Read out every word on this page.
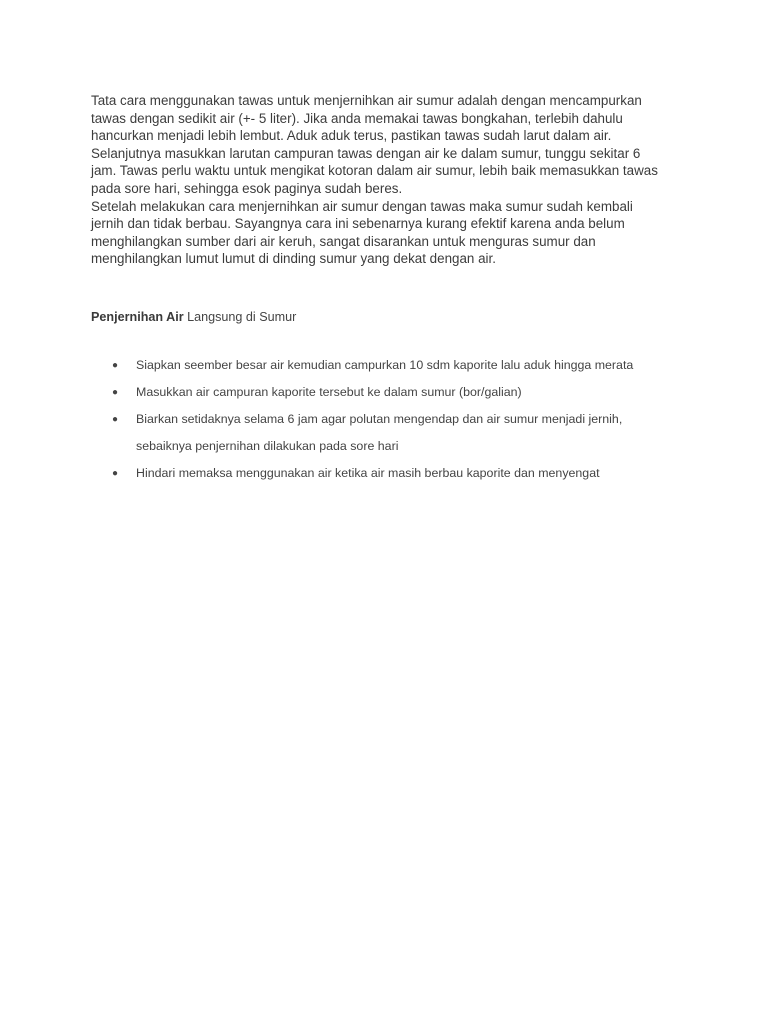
Tata cara menggunakan tawas untuk menjernihkan air sumur adalah dengan mencampurkan
tawas dengan sedikit air (+- 5 liter). Jika anda memakai tawas bongkahan, terlebih dahulu
hancurkan menjadi lebih lembut. Aduk aduk terus, pastikan tawas sudah larut dalam air.
Selanjutnya masukkan larutan campuran tawas dengan air ke dalam sumur, tunggu sekitar 6
jam. Tawas perlu waktu untuk mengikat kotoran dalam air sumur, lebih baik memasukkan tawas
pada sore hari, sehingga esok paginya sudah beres.

Setelah melakukan cara menjernihkan air sumur dengan tawas maka sumur sudah kembali
jernih dan tidak berbau. Sayangnya cara ini sebenarnya kurang efektif karena anda belum
menghilangkan sumber dari air keruh, sangat disarankan untuk menguras sumur dan
menghilangkan lumut lumut di dinding sumur yang dekat dengan air.

Penjernihan Air Langsung di Sumur
●	Siapkan seember besar air kemudian campurkan 10 sdm kaporite lalu aduk hingga merata
●	Masukkan air campuran kaporite tersebut ke dalam sumur (bor/galian)
●	Biarkan setidaknya selama 6 jam agar polutan mengendap dan air sumur menjadi jernih,
sebaiknya penjernihan dilakukan pada sore hari
●	Hindari memaksa menggunakan air ketika air masih berbau kaporite dan menyengat
